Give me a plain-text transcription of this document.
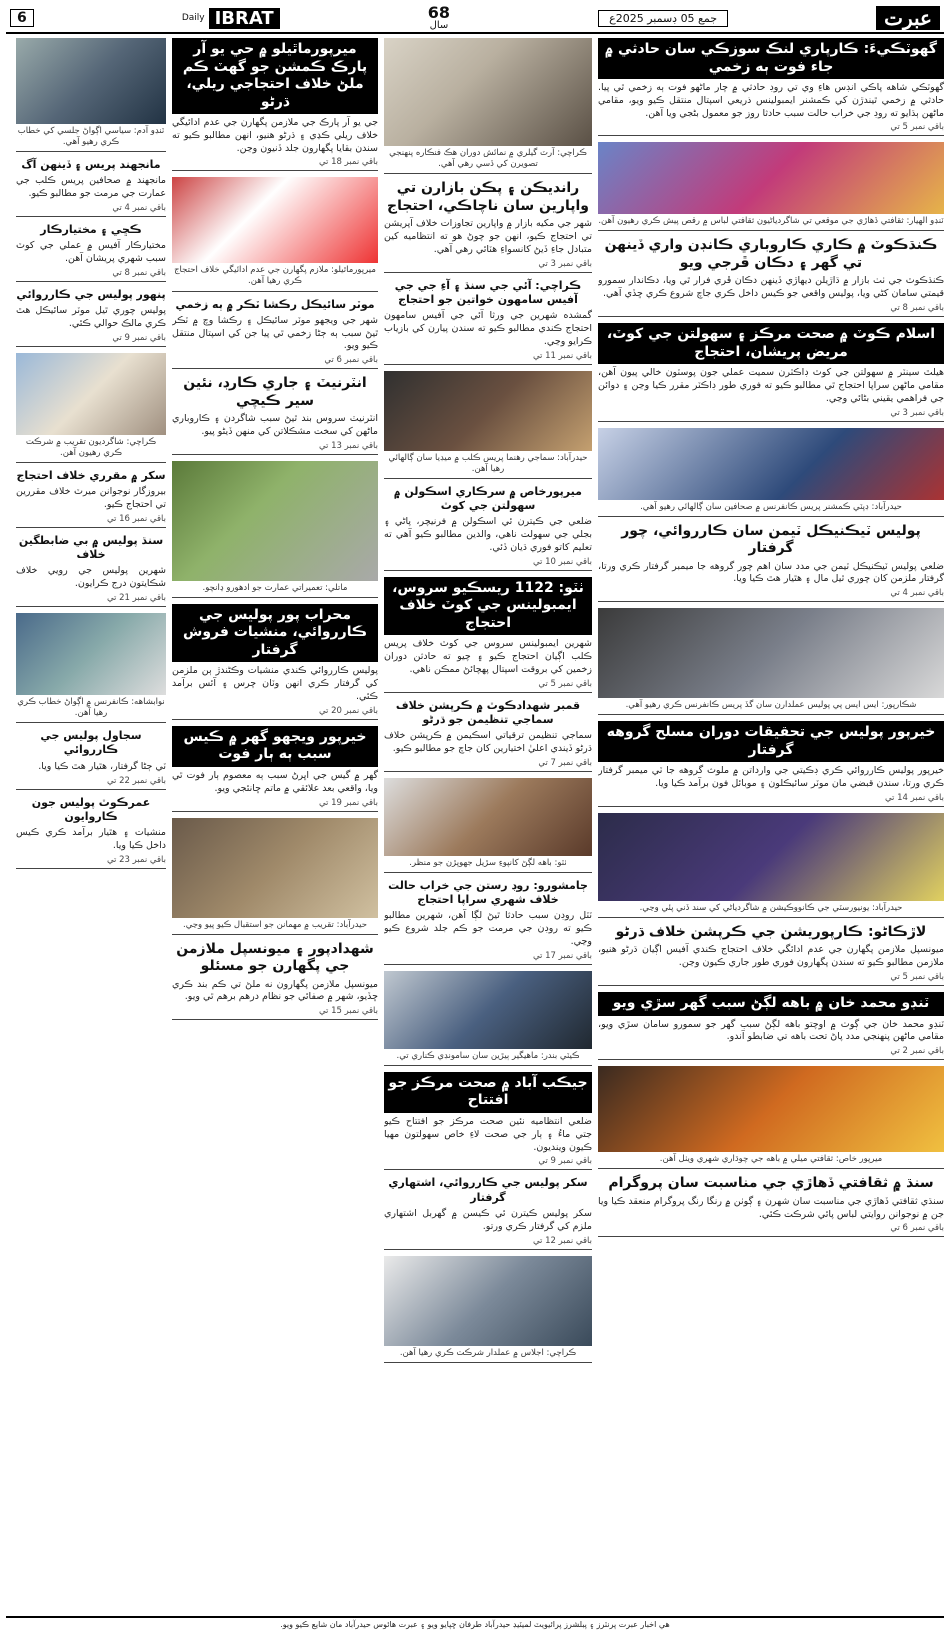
6	Daily IBRAT	68
سال
جمع 05 ڊسمبر 2025ع	عبرت
گهوٽڪيءَ: ڪارپاري لنڪ سوزڪي سان حادثي ۾ جاء فوت ٻه زخمي
گهوٽڪي شاهه پاڪي انڊس هاءِ وي تي روڊ حادثي ۾ چار ماڻهو فوت ٻه زخمي ٿي پيا. حادثي ۾ زخمي ٿيندڙن کي ڪمشنر ايمبولينس ذريعي اسپتال منتقل ڪيو ويو، مقامي ماڻهن ٻڌايو ته روڊ جي خراب حالت سبب حادثا روز جو معمول بڻجي ويا آهن.
باقي نمبر 5 تي
ٽنڊو الهيار: ثقافتي ڏهاڙي جي موقعي تي شاگردياڻيون ثقافتي لباس ۾ رقص پيش ڪري رهيون آهن.
ڪنڌڪوٽ ۾ ڪاري ڪاروباري ڪانڊن واري ڏينهن تي گهر ۽ دڪان ڦرجي ويو
ڪنڌڪوٽ جي ٺٺ بازار ۾ ڌاڙيلن ديهاڙي ڏينهن دڪان ڦري فرار ٿي ويا، دڪاندار سمورو قيمتي سامان کڻي ويا، پوليس واقعي جو ڪيس داخل ڪري جاچ شروع ڪري ڇڏي آهي.
باقي نمبر 8 تي
اسلام ڪوٽ ۾ صحت مرڪز ۽ سهولتن جي کوٽ، مريض پريشان، احتجاج
هيلٿ سينٽر ۾ سهولتن جي کوٽ ڊاڪٽرن سميت عملي جون پوسٽون خالي پيون آهن، مقامي ماڻهن سراپا احتجاج ٿي مطالبو ڪيو ته فوري طور ڊاڪٽر مقرر ڪيا وڃن ۽ دوائن جي فراهمي يقيني بڻائي وڃي.
باقي نمبر 3 تي
حيدرآباد: ڊپٽي ڪمشنر پريس ڪانفرنس ۾ صحافين سان ڳالهائي رهيو آهي.
پوليس ٽيڪنيڪل ٽيمن سان ڪارروائي، چور گرفتار
ضلعي پوليس ٽيڪنيڪل ٽيمن جي مدد سان اهم چور گروهه جا ميمبر گرفتار ڪري ورتا، گرفتار ملزمن کان چوري ٿيل مال ۽ هٿيار هٿ ڪيا ويا.
باقي نمبر 4 تي
شڪارپور: ايس ايس پي پوليس عملدارن سان گڏ پريس ڪانفرنس ڪري رهيو آهي.
خيرپور پوليس جي تحقيقات دوران مسلح گروهه گرفتار
خيرپور پوليس ڪارروائي ڪري ڊڪيتي جي وارداتن ۾ ملوث گروهه جا ٽي ميمبر گرفتار ڪري ورتا، سندن قبضي مان موٽر سائيڪلون ۽ موبائل فون برآمد ڪيا ويا.
باقي نمبر 14 تي
حيدرآباد: يونيورسٽي جي ڪانووڪيشن ۾ شاگردياڻي کي سند ڏني پئي وڃي.
لاڙڪاڻو: ڪارپوريشن جي ڪرپشن خلاف ڌرڻو
ميونسپل ملازمن پگهارن جي عدم ادائگي خلاف احتجاج ڪندي آفيس اڳيان ڌرڻو هنيو، ملازمن مطالبو ڪيو ته سندن پگهارون فوري طور جاري ڪيون وڃن.
باقي نمبر 5 تي
ٽنڊو محمد خان ۾ باهه لڳڻ سبب گهر سڙي ويو
ٽنڊو محمد خان جي ڳوٺ ۾ اوچتو باهه لڳڻ سبب گهر جو سمورو سامان سڙي ويو، مقامي ماڻهن پنهنجي مدد پاڻ تحت باهه تي ضابطو آندو.
باقي نمبر 2 تي
ميرپور خاص: ثقافتي ميلي ۾ باهه جي چوڌاري شهري ويٺل آهن.
سنڌ ۾ ثقافتي ڏهاڙي جي مناسبت سان پروگرام
سنڌي ثقافتي ڏهاڙي جي مناسبت سان شهرن ۽ ڳوٺن ۾ رنگا رنگ پروگرام منعقد ڪيا ويا جن ۾ نوجوانن روايتي لباس پائي شرڪت ڪئي.
باقي نمبر 6 تي
ڪراچي: آرٽ گيلري ۾ نمائش دوران هڪ فنڪاره پنهنجي تصويرن کي ڏسي رهي آهي.
رانديڪن ۽ پڪن بازارن تي واپارين سان ناچاڪي، احتجاج
شهر جي مکيه بازار ۾ واپارين تجاوزات خلاف آپريشن تي احتجاج ڪيو، انهن جو چوڻ هو ته انتظاميه کين متبادل جاءِ ڏيڻ کانسواءِ هٽائي رهي آهي.
باقي نمبر 3 تي
ڪراچي: آئي جي سنڌ ۽ آءِ جي جي آفيس سامهون خواتين جو احتجاج
گمشده شهرين جي ورثا آئي جي آفيس سامهون احتجاج ڪندي مطالبو ڪيو ته سندن پيارن کي بازياب ڪرايو وڃي.
باقي نمبر 11 تي
حيدرآباد: سماجي رهنما پريس ڪلب ۾ ميڊيا سان ڳالهائي رهيا آهن.
ميرپورخاص ۾ سرڪاري اسڪولن ۾ سهولتن جي کوٽ
ضلعي جي ڪيترن ئي اسڪولن ۾ فرنيچر، پاڻي ۽ بجلي جي سهولت ناهي، والدين مطالبو ڪيو آهي ته تعليم کاتو فوري ڌيان ڏئي.
باقي نمبر 10 تي
ٺٽو: 1122 ريسڪيو سروس، ايمبولينس جي کوٽ خلاف احتجاج
شهرين ايمبولينس سروس جي کوٽ خلاف پريس ڪلب اڳيان احتجاج ڪيو ۽ چيو ته حادثن دوران زخمين کي بروقت اسپتال پهچائڻ ممڪن ناهي.
باقي نمبر 5 تي
قمبر شهدادڪوٽ ۾ ڪرپشن خلاف سماجي تنظيمن جو ڌرڻو
سماجي تنظيمن ترقياتي اسڪيمن ۾ ڪرپشن خلاف ڌرڻو ڏيندي اعليٰ اختيارين کان جاچ جو مطالبو ڪيو.
باقي نمبر 7 تي
ٺٽو: باهه لڳڻ کانپوءِ سڙيل جهوپڙن جو منظر.
ڄامشورو: روڊ رستن جي خراب حالت خلاف شهري سراپا احتجاج
ٽٽل روڊن سبب حادثا ٿيڻ لڳا آهن، شهرين مطالبو ڪيو ته روڊن جي مرمت جو ڪم جلد شروع ڪيو وڃي.
باقي نمبر 17 تي
ڪيٽي بندر: ماهيگير ٻيڙين سان سامونڊي ڪناري تي.
جيڪب آباد ۾ صحت مرڪز جو افتتاح
ضلعي انتظاميه نئين صحت مرڪز جو افتتاح ڪيو جتي ماءُ ۽ ٻار جي صحت لاءِ خاص سهولتون مهيا ڪيون وينديون.
باقي نمبر 9 تي
سکر پوليس جي ڪارروائي، اشتهاري گرفتار
سکر پوليس ڪيترن ئي ڪيسن ۾ گهربل اشتهاري ملزم کي گرفتار ڪري ورتو.
باقي نمبر 12 تي
ڪراچي: اجلاس ۾ عملدار شرڪت ڪري رهيا آهن.
ميرپورماٿيلو ۾ حي يو آر پارڪ ڪمشن جو گهٽ ڪم ملڻ خلاف احتجاجي ريلي، ڌرڻو
جي يو آر پارڪ جي ملازمن پگهارن جي عدم ادائيگي خلاف ريلي ڪڍي ۽ ڌرڻو هنيو، انهن مطالبو ڪيو ته سندن بقايا پگهارون جلد ڏنيون وڃن.
باقي نمبر 18 تي
ميرپورماٿيلو: ملازم پگهارن جي عدم ادائيگي خلاف احتجاج ڪري رهيا آهن.
موٽر سائيڪل رڪشا ٽڪر ۾ ٻه زخمي
شهر جي ويجهو موٽر سائيڪل ۽ رڪشا وچ ۾ ٽڪر ٿيڻ سبب ٻه ڄڻا زخمي ٿي پيا جن کي اسپتال منتقل ڪيو ويو.
باقي نمبر 6 تي
انٽرنيٽ ۽ جاري ڪارڊ، نئين سير ڪيچي
انٽرنيٽ سروس بند ٿيڻ سبب شاگردن ۽ ڪاروباري ماڻهن کي سخت مشڪلاتن کي منهن ڏيڻو پيو.
باقي نمبر 13 تي
ماتلي: تعميراتي عمارت جو ادھورو ڍانچو.
محراب پور پوليس جي ڪارروائي، منشيات فروش گرفتار
پوليس ڪارروائي ڪندي منشيات وڪڻندڙ ٻن ملزمن کي گرفتار ڪري انهن وٽان چرس ۽ آئس برآمد ڪئي.
باقي نمبر 20 تي
خيرپور ويجهو گهر ۾ ڪيس سبب ٻه ٻار فوت
گهر ۾ گيس جي اڀرڻ سبب ٻه معصوم ٻار فوت ٿي ويا، واقعي بعد علائقي ۾ ماتم ڇانئجي ويو.
باقي نمبر 19 تي
حيدرآباد: تقريب ۾ مهمانن جو استقبال ڪيو پيو وڃي.
شهدادپور ۽ ميونسپل ملازمن جي پگهارن جو مسئلو
ميونسپل ملازمن پگهارون نه ملڻ تي ڪم بند ڪري ڇڏيو، شهر ۾ صفائي جو نظام درهم برهم ٿي ويو.
باقي نمبر 15 تي
ٽنڊو آدم: سياسي اڳواڻ جلسي کي خطاب ڪري رهيو آهي.
مانجهند پريس ۽ ڏينهن آگ
مانجهند ۾ صحافين پريس ڪلب جي عمارت جي مرمت جو مطالبو ڪيو.
باقي نمبر 4 تي
ڪڇي ۽ مختيارڪار
مختيارڪار آفيس ۾ عملي جي کوٽ سبب شهري پريشان آهن.
باقي نمبر 8 تي
پنهور پوليس جي ڪارروائي
پوليس چوري ٿيل موٽر سائيڪل هٿ ڪري مالڪ حوالي ڪئي.
باقي نمبر 9 تي
ڪراچي: شاگرديون تقريب ۾ شرڪت ڪري رهيون آهن.
سکر ۾ مقرري خلاف احتجاج
بيروزگار نوجوانن ميرٽ خلاف مقررين تي احتجاج ڪيو.
باقي نمبر 16 تي
سنڌ پوليس ۾ بي ضابطگين خلاف
شهرين پوليس جي رويي خلاف شڪايتون درج ڪرايون.
باقي نمبر 21 تي
نوابشاهه: ڪانفرنس ۾ اڳواڻ خطاب ڪري رهيا آهن.
سجاول پوليس جي ڪارروائي
ٽي ڄڻا گرفتار، هٿيار هٿ ڪيا ويا.
باقي نمبر 22 تي
عمرڪوٽ پوليس جون ڪاروايون
منشيات ۽ هٿيار برآمد ڪري ڪيس داخل ڪيا ويا.
باقي نمبر 23 تي
هي اخبار عبرت پرنٽرز ۽ پبلشرز پرائيويٽ لميٽيڊ حيدرآباد طرفان ڇپايو ويو ۽ عبرت هائوس حيدرآباد مان شايع ڪيو ويو.
